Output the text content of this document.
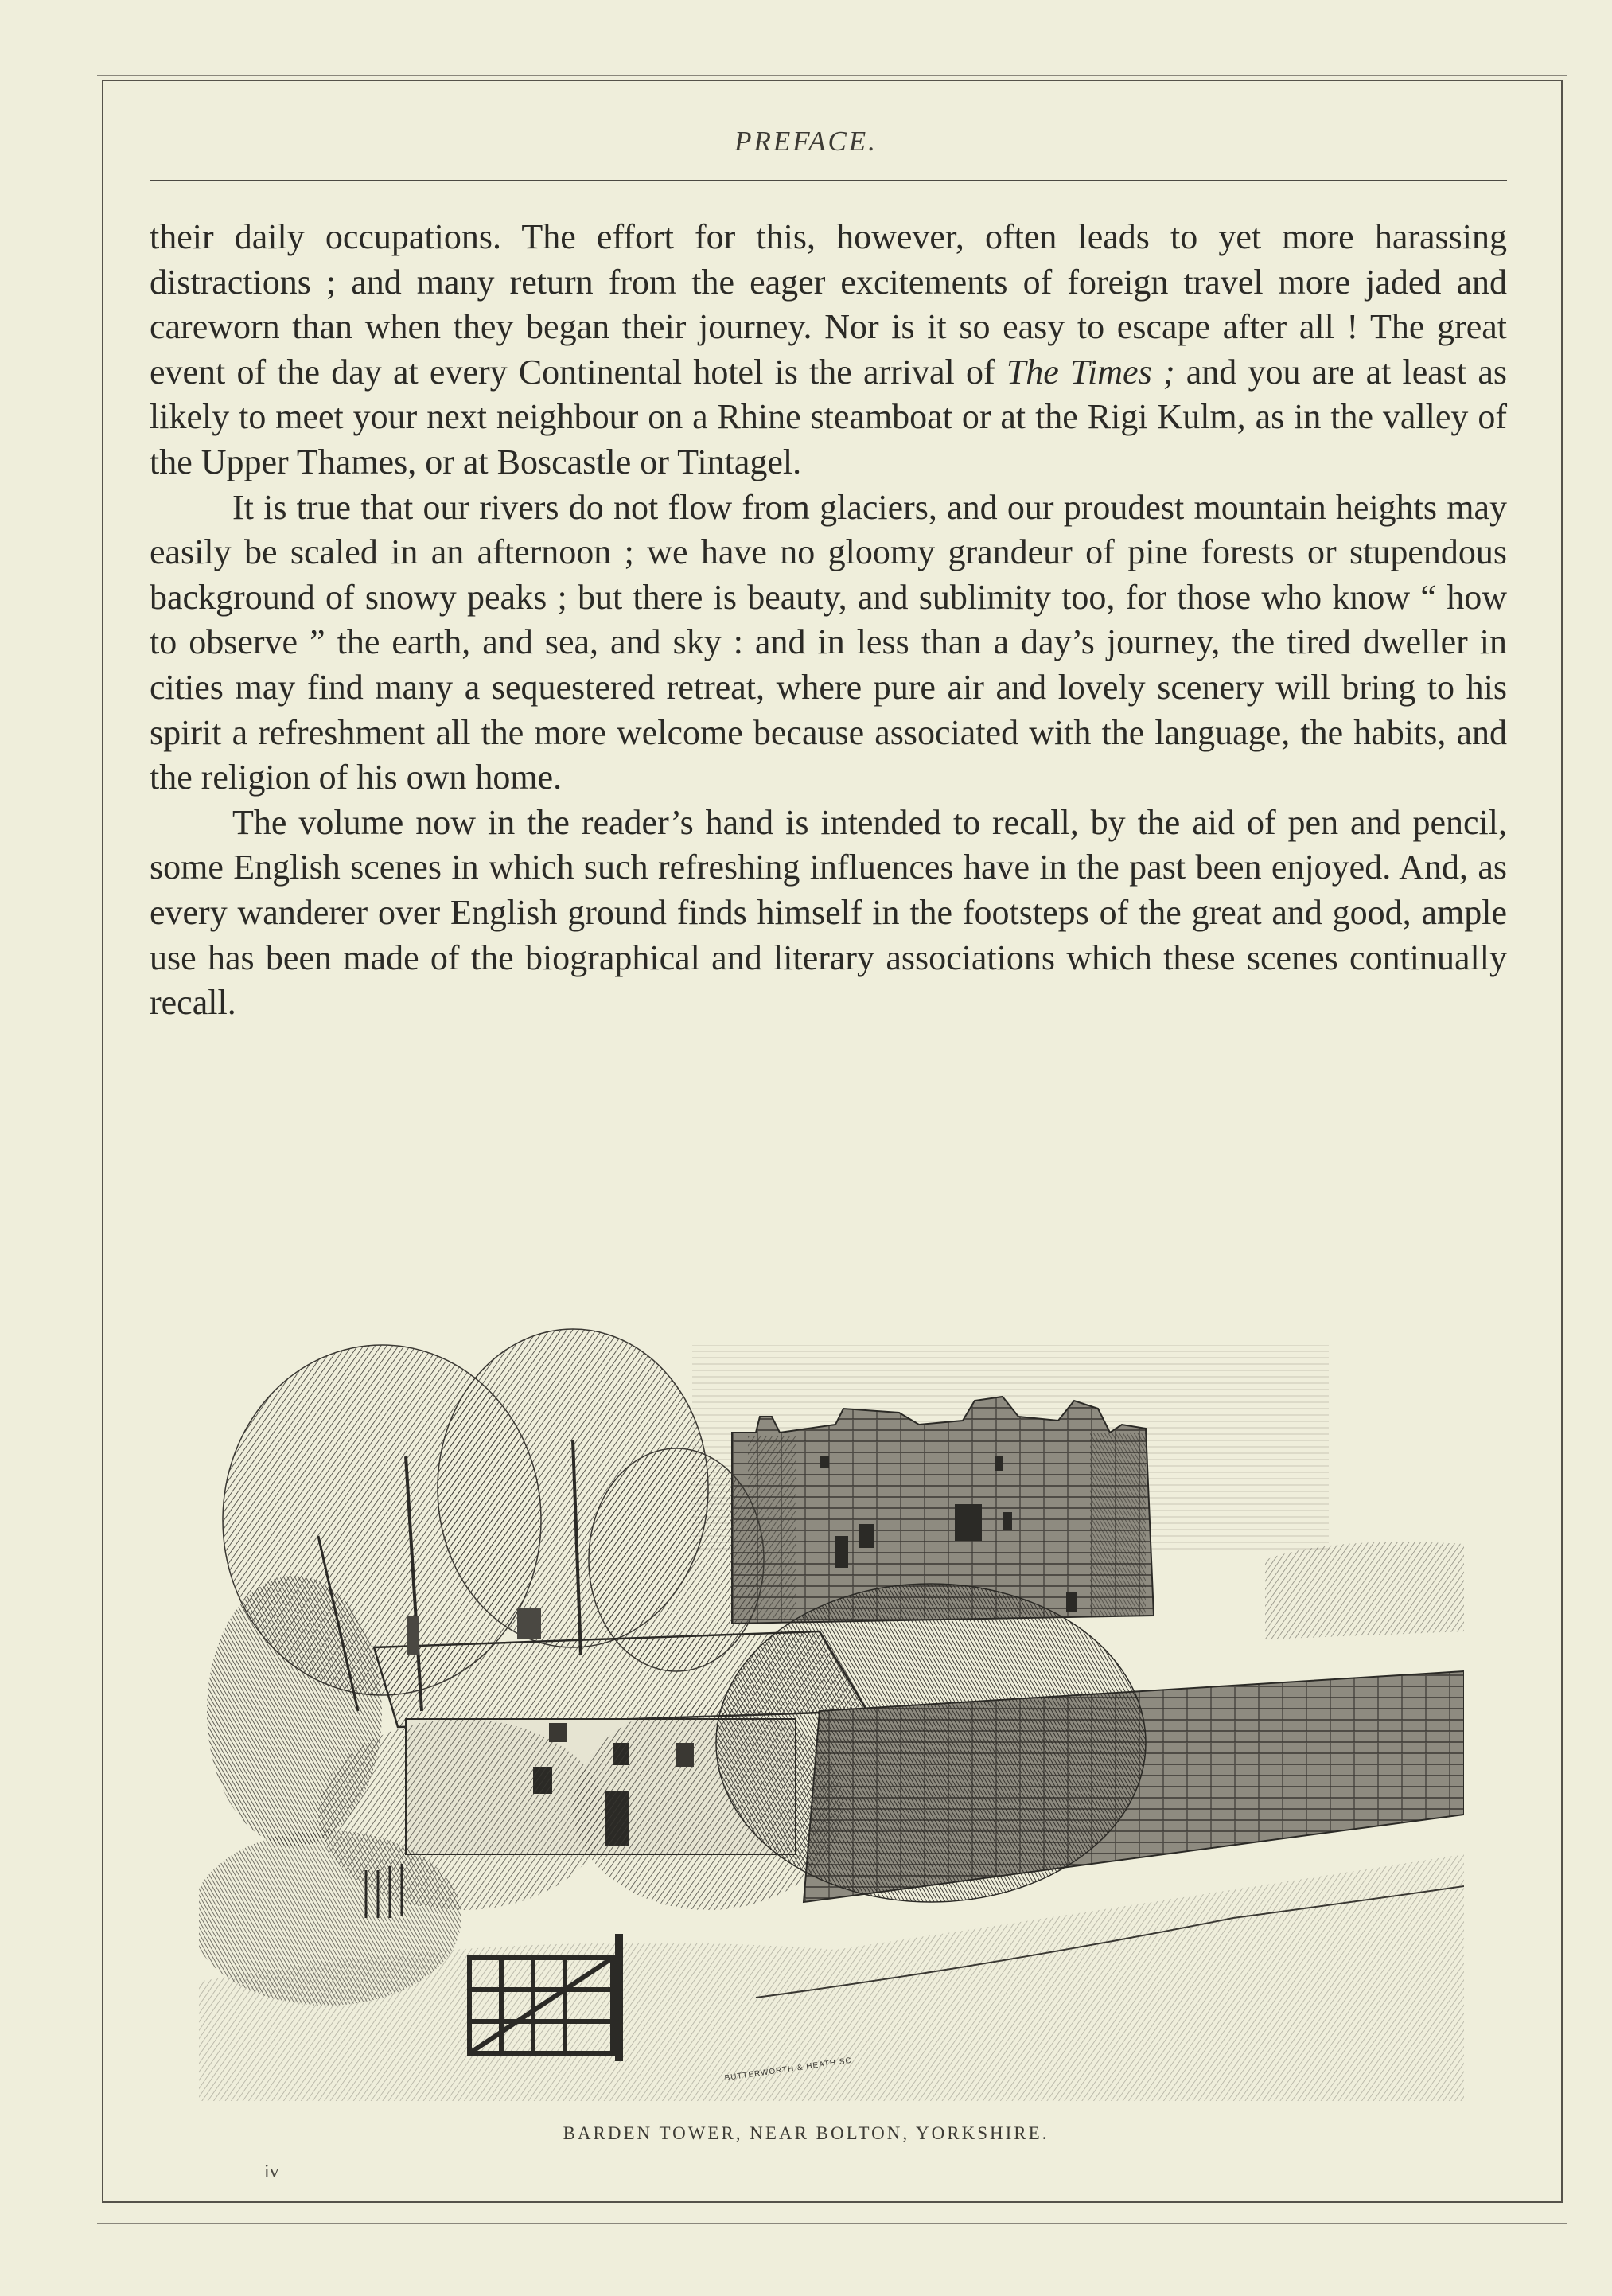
PREFACE.

their daily occupations. The effort for this, however, often leads to yet more harassing distractions ; and many return from the eager excitements of foreign travel more jaded and careworn than when they began their journey. Nor is it so easy to escape after all ! The great event of the day at every Continental hotel is the arrival of The Times ; and you are at least as likely to meet your next neighbour on a Rhine steamboat or at the Rigi Kulm, as in the valley of the Upper Thames, or at Boscastle or Tintagel.

It is true that our rivers do not flow from glaciers, and our proudest mountain heights may easily be scaled in an afternoon ; we have no gloomy grandeur of pine forests or stupendous background of snowy peaks ; but there is beauty, and sublimity too, for those who know “ how to observe ” the earth, and sea, and sky : and in less than a day’s journey, the tired dweller in cities may find many a sequestered retreat, where pure air and lovely scenery will bring to his spirit a refreshment all the more welcome because associated with the language, the habits, and the religion of his own home.

The volume now in the reader’s hand is intended to recall, by the aid of pen and pencil, some English scenes in which such refreshing influences have in the past been enjoyed. And, as every wanderer over English ground finds himself in the footsteps of the great and good, ample use has been made of the biographical and literary associations which these scenes continually recall.

BUTTERWORTH & HEATH SC
BARDEN TOWER, NEAR BOLTON, YORKSHIRE.
iv
